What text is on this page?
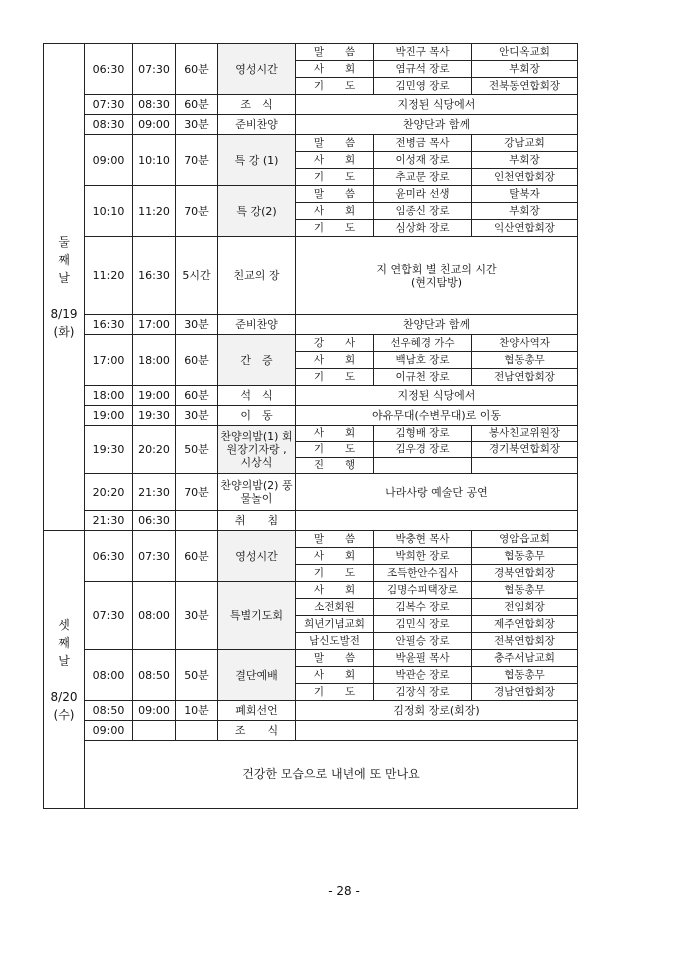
둘
째
날

8/19
(화)	06:30	07:30	60분	영성시간	말　　씀	박진구 목사	안디옥교회
					사　　회	염규석 장로	부회장
					기　　도	김민영 장로	전북동연합회장
	07:30	08:30	60분	조　식	지정된 식당에서		

	08:30	09:00	30분	준비찬양	찬양단과 함께		

	09:00	10:10	70분	특 강 (1)	말　　씀	전병금 목사	강남교회
					사　　회	이성재 장로	부회장
					기　　도	추교문 장로	인천연합회장
	10:10	11:20	70분	특 강(2)	말　　씀	윤미라 선생	탈북자
					사　　회	임종신 장로	부회장
					기　　도	심상화 장로	익산연합회장
	11:20	16:30	5시간	친교의 장	지 연합회 별 친교의 시간
(현지탐방)		

	16:30	17:00	30분	준비찬양	찬양단과 함께		

	17:00	18:00	60분	간　증	강　　사	선우혜경 가수	찬양사역자
					사　　회	백남호 장로	협동총무
					기　　도	이규천 장로	전남연합회장
	18:00	19:00	60분	석　식	지정된 식당에서		

	19:00	19:30	30분	이　동	야유무대(수변무대)로 이동		

	19:30	20:20	50분	찬양의밤(1) 회원장기자랑 , 시상식	사　　회	김형배 장로	봉사친교위원장
					기　　도	김우경 장로	경기북연합회장
					진　　행		
	20:20	21:30	70분	찬양의밤(2) 풍물놀이	나라사랑 예술단 공연		

	21:30	06:30		취　　침			

셋
째
날

8/20
(수)	06:30	07:30	60분	영성시간	말　　씀	박충현 목사	영암읍교회
					사　　회	박희한 장로	협동총무
					기　　도	조득한안수집사	경북연합회장
	07:30	08:00	30분	특별기도회	사　　회	김명수피택장로	협동총무
					소전회원	김복수 장로	전임회장
					희년기념교회	김민식 장로	제주연합회장
					남신도발전	안필승 장로	전북연합회장
	08:00	08:50	50분	결단예배	말　　씀	박윤필 목사	충주서남교회
					사　　회	박관순 장로	협동총무
					기　　도	김장식 장로	경남연합회장
	08:50	09:00	10분	폐회선언	김정회 장로(회장)		

	09:00			조　　식			

	건강한 모습으로 내년에 또 만나요						
- 28 -
